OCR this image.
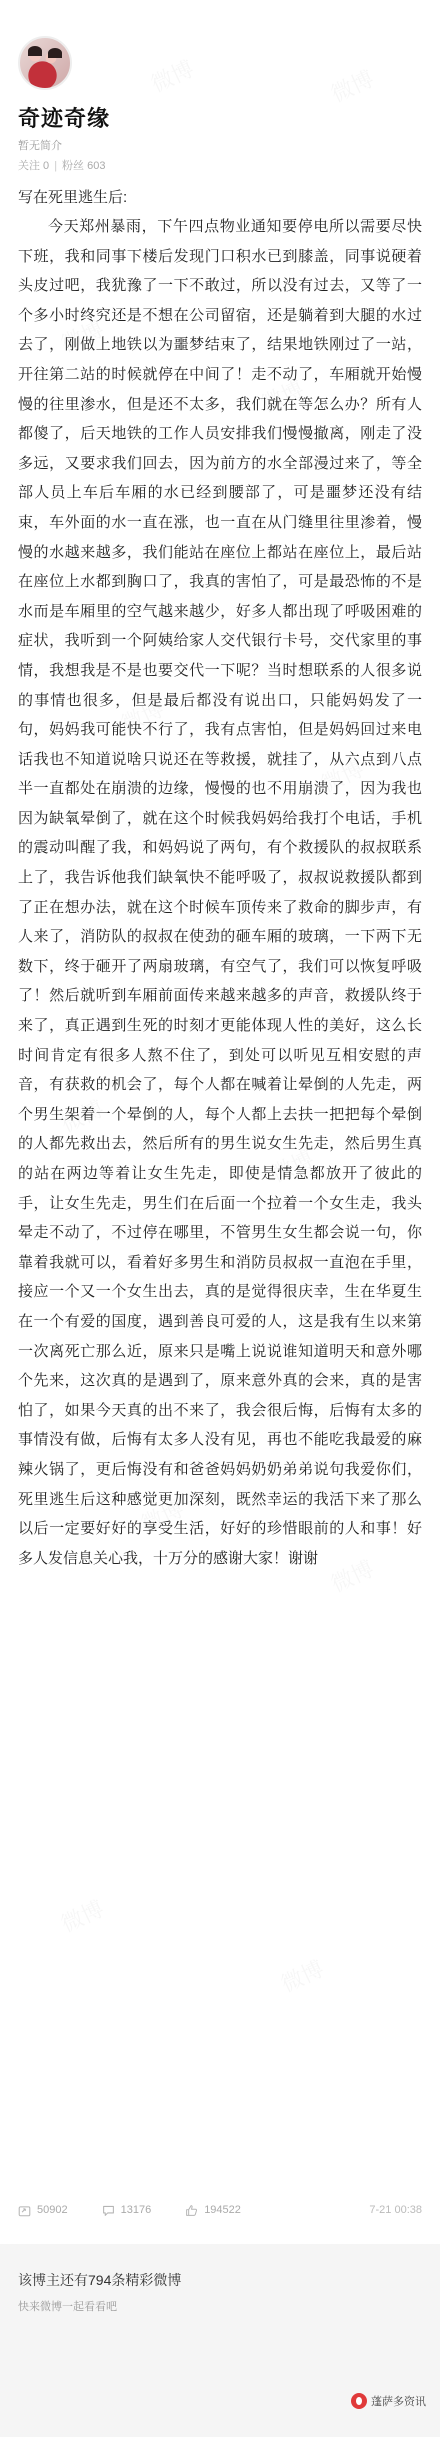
奇迹奇缘
暂无简介
关注 0 | 粉丝 603
写在死里逃生后:

今天郑州暴雨，下午四点物业通知要停电所以需要尽快下班，我和同事下楼后发现门口积水已到膝盖，同事说硬着头皮过吧，我犹豫了一下不敢过，所以没有过去，又等了一个多小时终究还是不想在公司留宿，还是躺着到大腿的水过去了，刚做上地铁以为噩梦结束了，结果地铁刚过了一站，开往第二站的时候就停在中间了！走不动了，车厢就开始慢慢的往里渗水，但是还不太多，我们就在等怎么办？所有人都傻了，后天地铁的工作人员安排我们慢慢撤离，刚走了没多远，又要求我们回去，因为前方的水全部漫过来了，等全部人员上车后车厢的水已经到腰部了，可是噩梦还没有结束，车外面的水一直在涨，也一直在从门缝里往里渗着，慢慢的水越来越多，我们能站在座位上都站在座位上，最后站在座位上水都到胸口了，我真的害怕了，可是最恐怖的不是水而是车厢里的空气越来越少，好多人都出现了呼吸困难的症状，我听到一个阿姨给家人交代银行卡号，交代家里的事情，我想我是不是也要交代一下呢？当时想联系的人很多说的事情也很多，但是最后都没有说出口，只能妈妈发了一句，妈妈我可能快不行了，我有点害怕，但是妈妈回过来电话我也不知道说啥只说还在等救援，就挂了，从六点到八点半一直都处在崩溃的边缘，慢慢的也不用崩溃了，因为我也因为缺氧晕倒了，就在这个时候我妈妈给我打个电话，手机的震动叫醒了我，和妈妈说了两句，有个救援队的叔叔联系上了，我告诉他我们缺氧快不能呼吸了，叔叔说救援队都到了正在想办法，就在这个时候车顶传来了救命的脚步声，有人来了，消防队的叔叔在使劲的砸车厢的玻璃，一下两下无数下，终于砸开了两扇玻璃，有空气了，我们可以恢复呼吸了！然后就听到车厢前面传来越来越多的声音，救援队终于来了，真正遇到生死的时刻才更能体现人性的美好，这么长时间肯定有很多人熬不住了，到处可以听见互相安慰的声音，有获救的机会了，每个人都在喊着让晕倒的人先走，两个男生架着一个晕倒的人，每个人都上去扶一把把每个晕倒的人都先救出去，然后所有的男生说女生先走，然后男生真的站在两边等着让女生先走，即使是情急都放开了彼此的手，让女生先走，男生们在后面一个拉着一个女生走，我头晕走不动了，不过停在哪里，不管男生女生都会说一句，你靠着我就可以，看着好多男生和消防员叔叔一直泡在手里，接应一个又一个女生出去，真的是觉得很庆幸，生在华夏生在一个有爱的国度，遇到善良可爱的人，这是我有生以来第一次离死亡那么近，原来只是嘴上说说谁知道明天和意外哪个先来，这次真的是遇到了，原来意外真的会来，真的是害怕了，如果今天真的出不来了，我会很后悔，后悔有太多的事情没有做，后悔有太多人没有见，再也不能吃我最爱的麻辣火锅了，更后悔没有和爸爸妈妈奶奶弟弟说句我爱你们，死里逃生后这种感觉更加深刻，既然幸运的我活下来了那么以后一定要好好的享受生活，好好的珍惜眼前的人和事！好多人发信息关心我，十万分的感谢大家！谢谢

50902	13176	194522	7-21 00:38
该博主还有794条精彩微博
快来微博一起看看吧
蓬萨多资讯
